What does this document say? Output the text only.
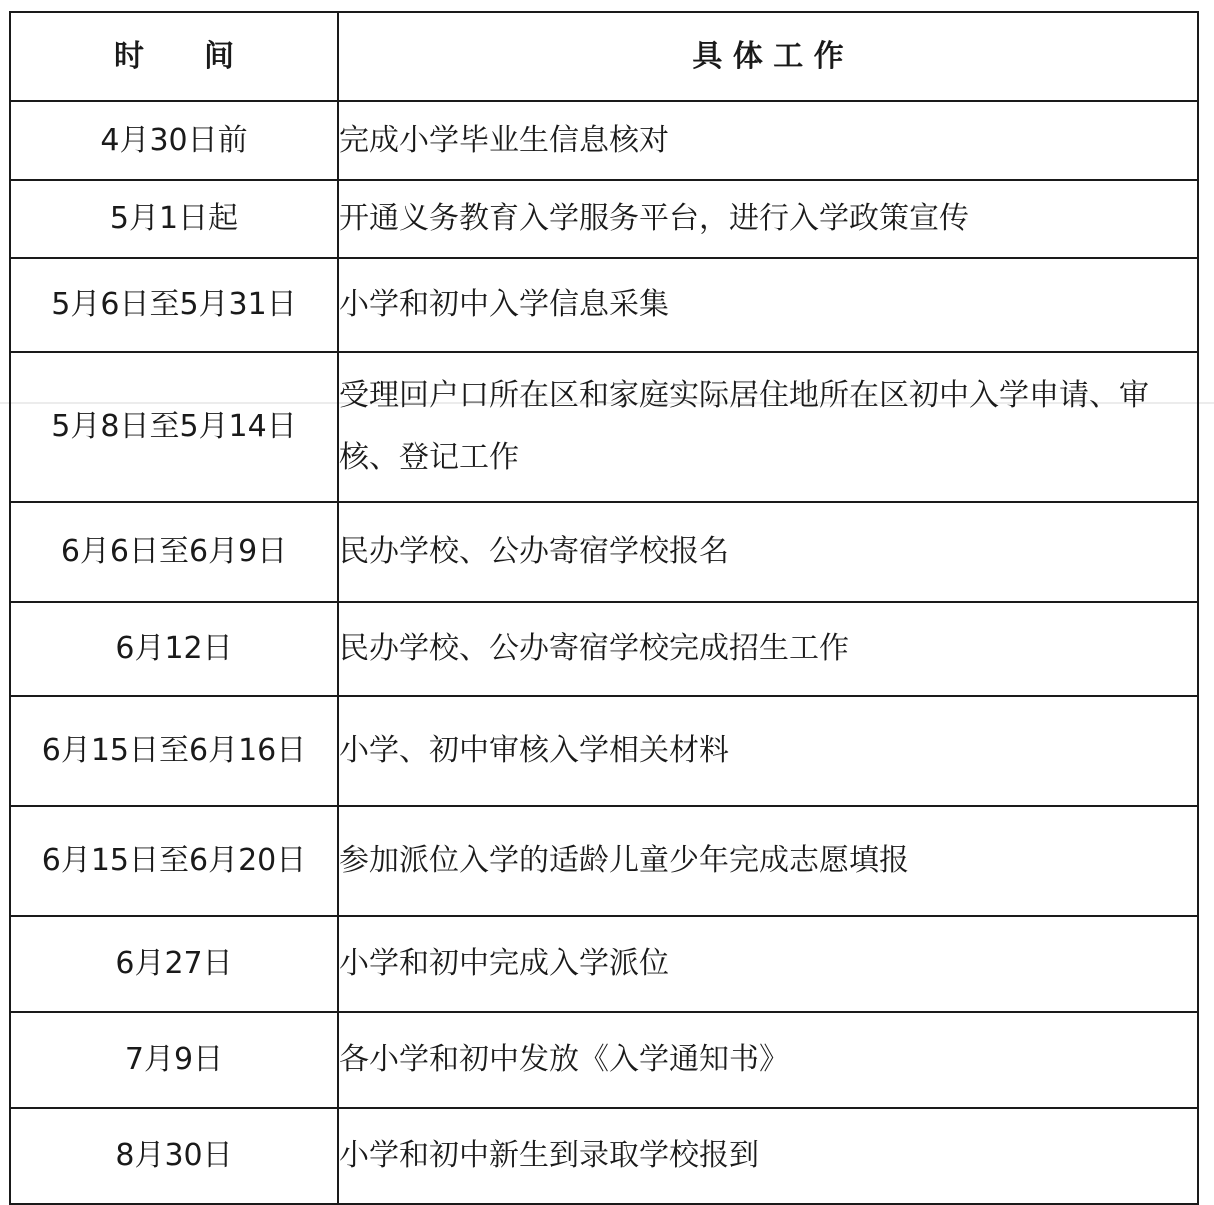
时　　间	具 体 工 作
4月30日前	完成小学毕业生信息核对
5月1日起	开通义务教育入学服务平台，进行入学政策宣传
5月6日至5月31日	小学和初中入学信息采集
5月8日至5月14日	受理回户口所在区和家庭实际居住地所在区初中入学申请、审核、登记工作
6月6日至6月9日	民办学校、公办寄宿学校报名
6月12日	民办学校、公办寄宿学校完成招生工作
6月15日至6月16日	小学、初中审核入学相关材料
6月15日至6月20日	参加派位入学的适龄儿童少年完成志愿填报
6月27日	小学和初中完成入学派位
7月9日	各小学和初中发放《入学通知书》
8月30日	小学和初中新生到录取学校报到
